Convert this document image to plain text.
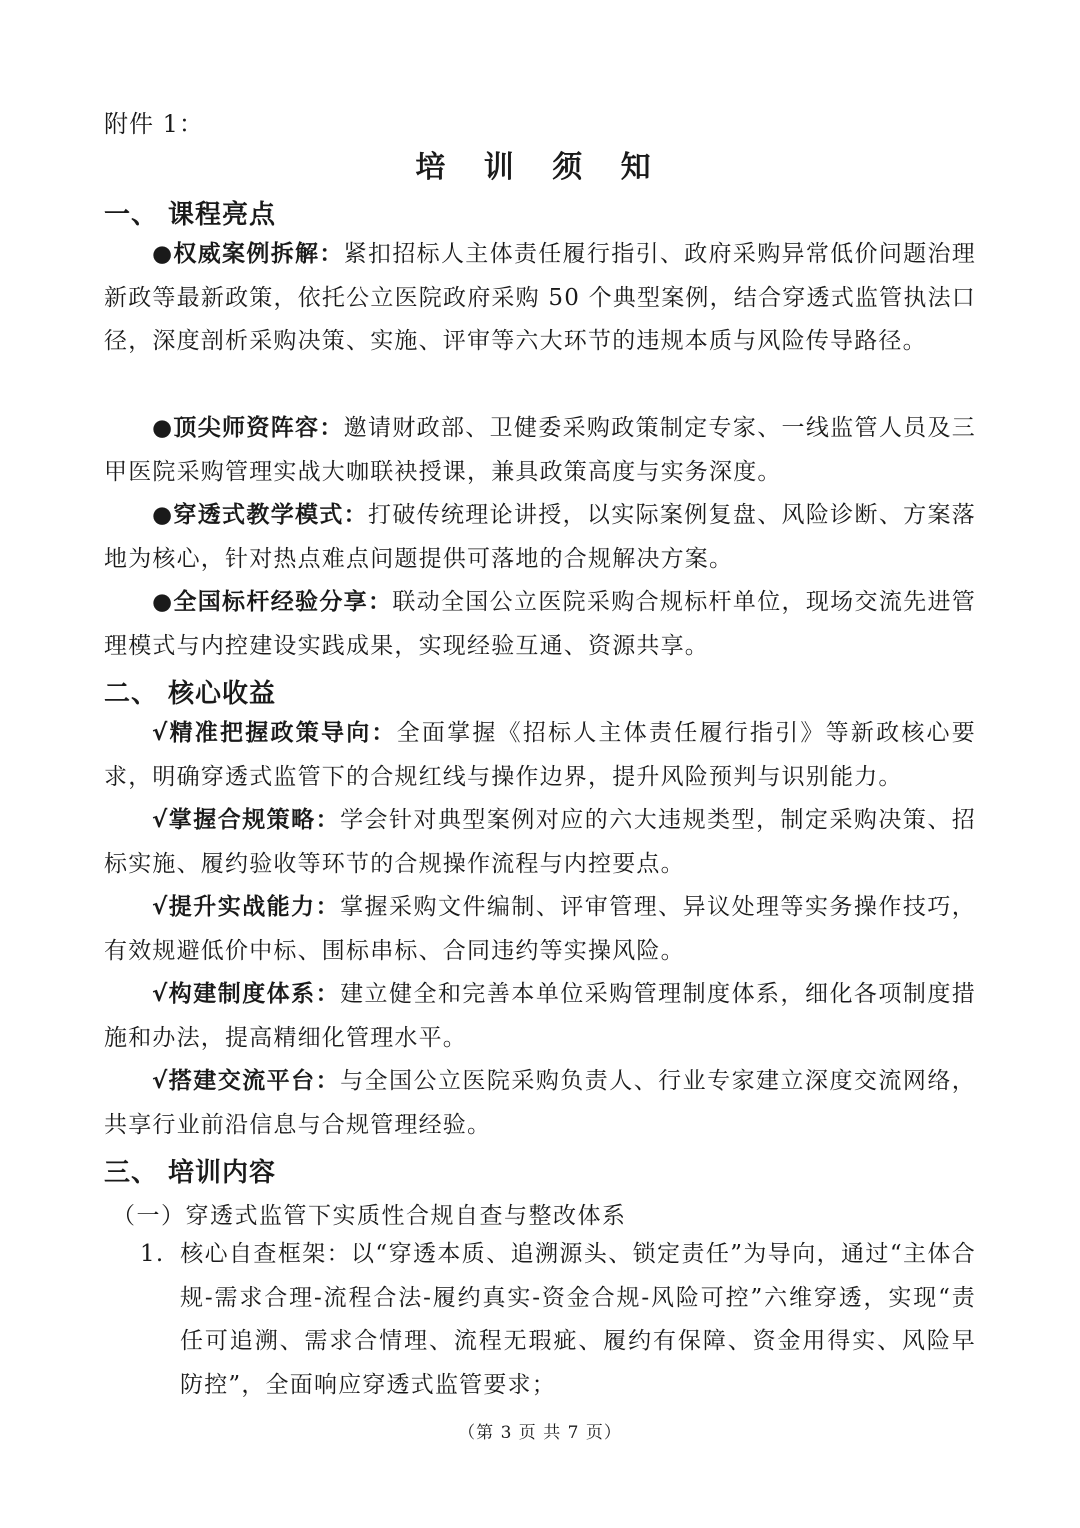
附件 1：
培 训 须 知
一、 课程亮点
●权威案例拆解：紧扣招标人主体责任履行指引、政府采购异常低价问题治理新政等最新政策，依托公立医院政府采购 50 个典型案例，结合穿透式监管执法口径，深度剖析采购决策、实施、评审等六大环节的违规本质与风险传导路径。
●顶尖师资阵容：邀请财政部、卫健委采购政策制定专家、一线监管人员及三甲医院采购管理实战大咖联袂授课，兼具政策高度与实务深度。
●穿透式教学模式：打破传统理论讲授，以实际案例复盘、风险诊断、方案落地为核心，针对热点难点问题提供可落地的合规解决方案。
●全国标杆经验分享：联动全国公立医院采购合规标杆单位，现场交流先进管理模式与内控建设实践成果，实现经验互通、资源共享。
二、 核心收益
√精准把握政策导向：全面掌握《招标人主体责任履行指引》等新政核心要求，明确穿透式监管下的合规红线与操作边界，提升风险预判与识别能力。
√掌握合规策略：学会针对典型案例对应的六大违规类型，制定采购决策、招标实施、履约验收等环节的合规操作流程与内控要点。
√提升实战能力：掌握采购文件编制、评审管理、异议处理等实务操作技巧，有效规避低价中标、围标串标、合同违约等实操风险。
√构建制度体系：建立健全和完善本单位采购管理制度体系，细化各项制度措施和办法，提高精细化管理水平。
√搭建交流平台：与全国公立医院采购负责人、行业专家建立深度交流网络，共享行业前沿信息与合规管理经验。
三、 培训内容
（一）穿透式监管下实质性合规自查与整改体系
1. 核心自查框架：以“穿透本质、追溯源头、锁定责任”为导向，通过“主体合规-需求合理-流程合法-履约真实-资金合规-风险可控”六维穿透，实现“责任可追溯、需求合情理、流程无瑕疵、履约有保障、资金用得实、风险早防控”，全面响应穿透式监管要求；
（第 3 页 共 7 页）
